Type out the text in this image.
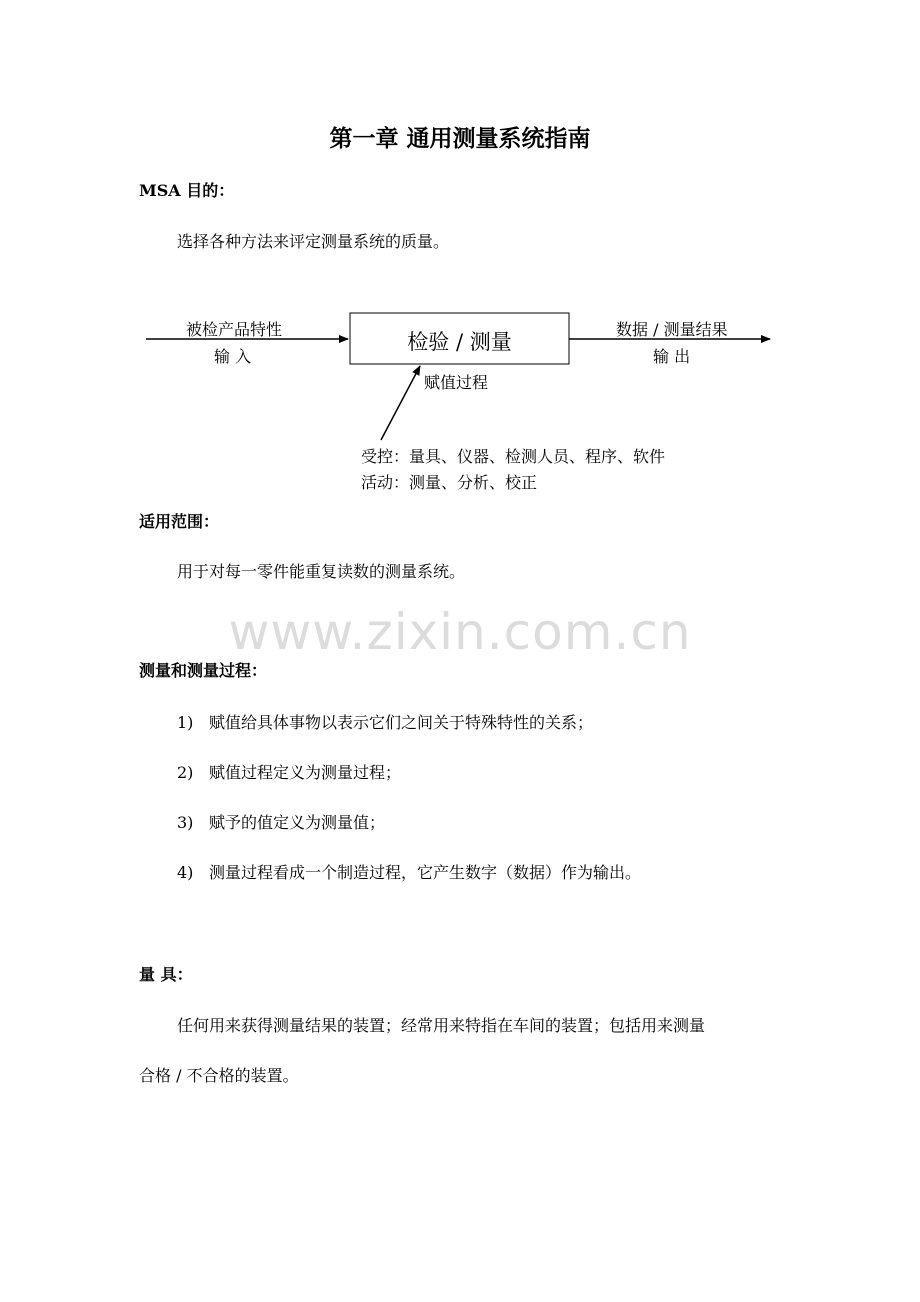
第一章 通用测量系统指南
MSA 目的：
选择各种方法来评定测量系统的质量。
被检产品特性
输 入
检验 / 测量
数据 / 测量结果
输 出
赋值过程
受控：量具、仪器、检测人员、程序、软件
活动：测量、分析、校正
适用范围：
用于对每一零件能重复读数的测量系统。
www.zixin.com.cn
测量和测量过程：
1) 赋值给具体事物以表示它们之间关于特殊特性的关系；
2) 赋值过程定义为测量过程；
3) 赋予的值定义为测量值；
4) 测量过程看成一个制造过程，它产生数字（数据）作为输出。
量 具：
任何用来获得测量结果的装置；经常用来特指在车间的装置；包括用来测量
合格 / 不合格的装置。
